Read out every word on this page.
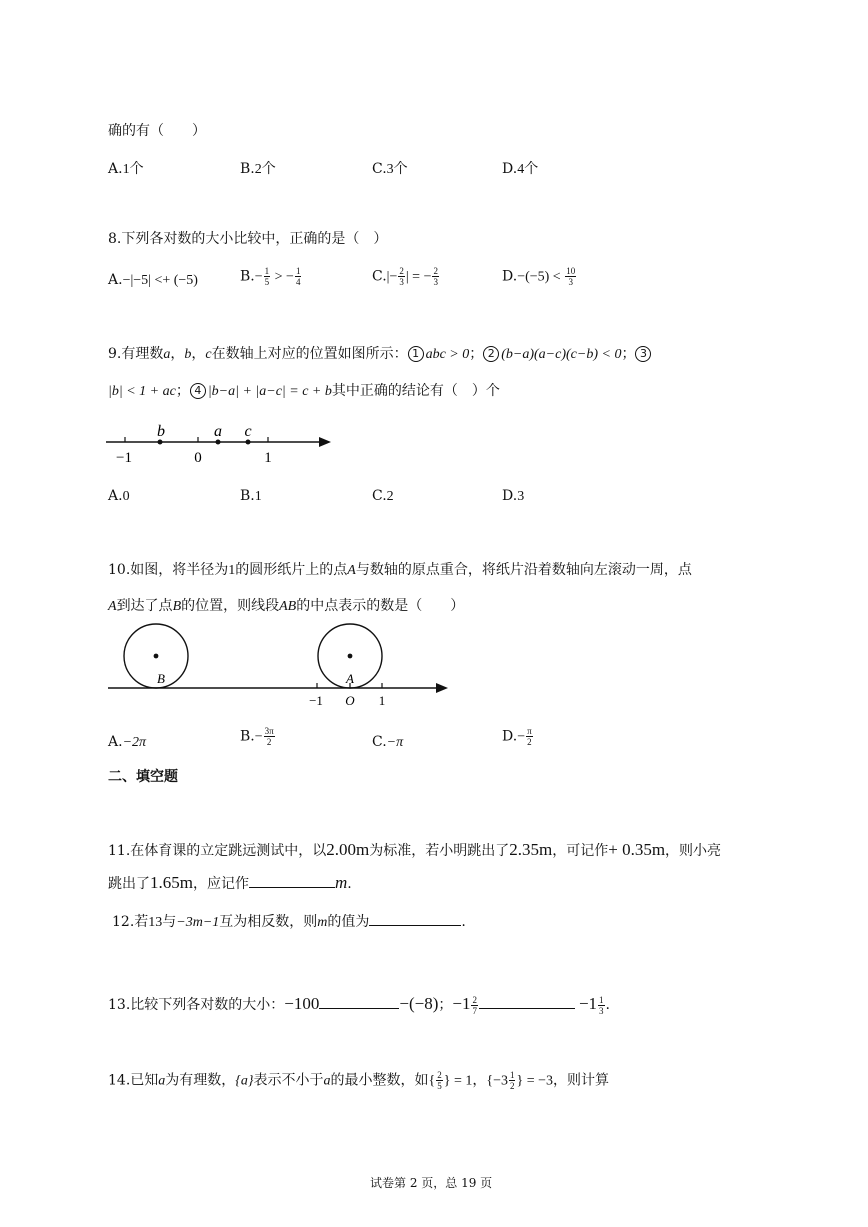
确的有（　　）
A.1个	B.2个	C.3个	D.4个
8.下列各对数的大小比较中，正确的是（　）
A.−|−5| <+ (−5)	$B.- \frac{1}{5}$ > − $\frac{1}{4}$	$C.|- \frac{2}{3}$ | = − $\frac{2}{3}$	$D.-(-5) < \frac{10}{3}$
9.有理数a，b，c在数轴上对应的位置如图所示： 1 abc > 0； 2 (b−a)(a−c)(c−b) < 0； 3
|b| < 1 + ac； 4 |b−a| + |a−c| = c + b其中正确的结论有（　）个
b	a c
−1	0	1
A.0	B.1	C.2	D.3
10.如图，将半径为1的圆形纸片上的点A与数轴的原点重合，将纸片沿着数轴向左滚动一周，点
A到达了点B的位置，则线段AB的中点表示的数是（　　）
B	A
−1 O 1
A.−2π	$B.- \frac{3\pi}{2}$	C.−π	$D.- \frac{\pi}{2}$
二、填空题
11.在体育课的立定跳远测试中，以2.00m为标准，若小明跳出了2.35m，可记作+ 0.35m，则小亮
跳出了1.65m，应记作	m.
12.若13与−3m−1互为相反数，则m的值为	.
13.比较下列各对数的大小：−100	−(−8)；$-1 \frac{2}{7}$	$-1 \frac{1}{3}$ .
14.已知a为有理数，{a}表示不小于a的最小整数，如{ $\frac{2}{5}$ } = 1，{$-3 \frac{1}{2}$ } = −3，则计算
试卷第 2 页，总 19 页
